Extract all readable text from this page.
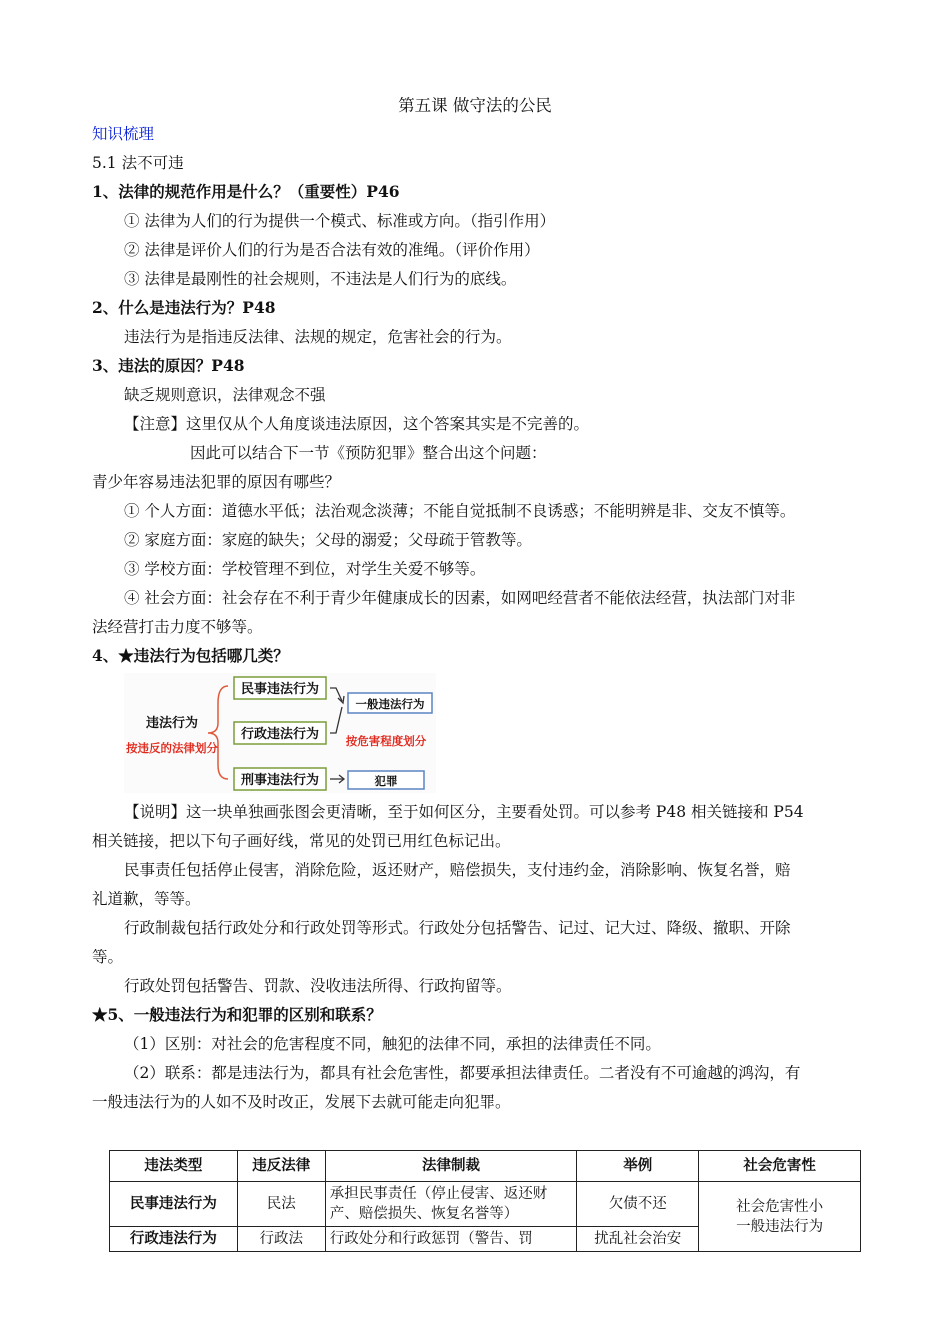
第五课 做守法的公民
知识梳理
5.1 法不可违
1、法律的规范作用是什么？（重要性）P46
① 法律为人们的行为提供一个模式、标准或方向。（指引作用）
② 法律是评价人们的行为是否合法有效的准绳。（评价作用）
③ 法律是最刚性的社会规则，不违法是人们行为的底线。
2、什么是违法行为？P48
违法行为是指违反法律、法规的规定，危害社会的行为。
3、违法的原因？P48
缺乏规则意识，法律观念不强
【注意】这里仅从个人角度谈违法原因，这个答案其实是不完善的。
因此可以结合下一节《预防犯罪》整合出这个问题：
青少年容易违法犯罪的原因有哪些？
① 个人方面：道德水平低；法治观念淡薄；不能自觉抵制不良诱惑；不能明辨是非、交友不慎等。
② 家庭方面：家庭的缺失；父母的溺爱；父母疏于管教等。
③ 学校方面：学校管理不到位，对学生关爱不够等。
④ 社会方面：社会存在不利于青少年健康成长的因素，如网吧经营者不能依法经营，执法部门对非
法经营打击力度不够等。
4、★违法行为包括哪几类？
违法行为
按违反的法律划分
民事违法行为
行政违法行为
刑事违法行为
一般违法行为
按危害程度划分
犯罪
【说明】这一块单独画张图会更清晰，至于如何区分，主要看处罚。可以参考 P48 相关链接和 P54
相关链接，把以下句子画好线，常见的处罚已用红色标记出。
民事责任包括停止侵害，消除危险，返还财产，赔偿损失，支付违约金，消除影响、恢复名誉，赔
礼道歉，等等。
行政制裁包括行政处分和行政处罚等形式。行政处分包括警告、记过、记大过、降级、撤职、开除
等。
行政处罚包括警告、罚款、没收违法所得、行政拘留等。
★5、一般违法行为和犯罪的区别和联系？
（1）区别：对社会的危害程度不同，触犯的法律不同，承担的法律责任不同。
（2）联系：都是违法行为，都具有社会危害性，都要承担法律责任。二者没有不可逾越的鸿沟，有
一般违法行为的人如不及时改正，发展下去就可能走向犯罪。
违法类型	违反法律	法律制裁	举例	社会危害性
民事违法行为	民法	承担民事责任（停止侵害、返还财产、赔偿损失、恢复名誉等）	欠债不还	社会危害性小
一般违法行为

行政违法行为	行政法	行政处分和行政惩罚（警告、罚	扰乱社会治安	
